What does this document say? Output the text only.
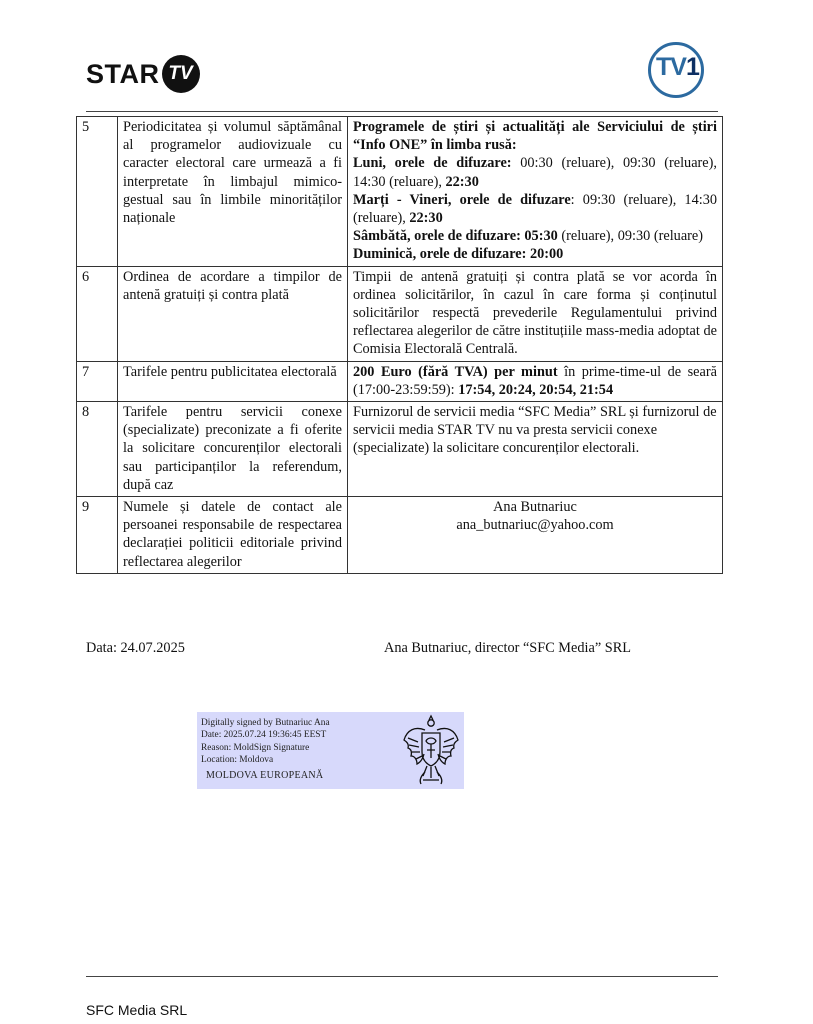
STAR TV	TV1
5	Periodicitatea și volumul săptămânal al programelor audiovizuale cu caracter electoral care urmează a fi interpretate în limbajul mimico-gestual sau în limbile minorităților naționale	Programele de știri și actualități ale Serviciului de știri “Info ONE” în limba rusă:
Luni, orele de difuzare: 00:30 (reluare), 09:30 (reluare), 14:30 (reluare), 22:30
Marți - Vineri, orele de difuzare: 09:30 (reluare), 14:30 (reluare), 22:30
Sâmbătă, orele de difuzare: 05:30 (reluare), 09:30 (reluare)
Duminică, orele de difuzare: 20:00

6	Ordinea de acordare a timpilor de antenă gratuiți și contra plată	Timpii de antenă gratuiți și contra plată se vor acorda în ordinea solicitărilor, în cazul în care forma și conținutul solicitărilor respectă prevederile Regulamentului privind reflectarea alegerilor de către instituțiile mass-media adoptat de Comisia Electorală Centrală.
7	Tarifele pentru publicitatea electorală	200 Euro (fără TVA) per minut în prime-time-ul de seară (17:00-23:59:59): 17:54, 20:24, 20:54, 21:54
8	Tarifele pentru servicii conexe (specializate) preconizate a fi oferite la solicitare concurenților electorali sau participanților la referendum, după caz	Furnizorul de servicii media “SFC Media” SRL și furnizorul de servicii media STAR TV nu va presta servicii conexe (specializate) la solicitare concurenților electorali.
9	Numele și datele de contact ale persoanei responsabile de respectarea declarației politicii editoriale privind reflectarea alegerilor	Ana Butnariuc
ana_butnariuc@yahoo.com
Data: 24.07.2025	Ana Butnariuc, director “SFC Media” SRL
Digitally signed by Butnariuc Ana
Date: 2025.07.24 19:36:45 EEST
Reason: MoldSign Signature
Location: Moldova
MOLDOVA EUROPEANĂ
SFC Media SRL
